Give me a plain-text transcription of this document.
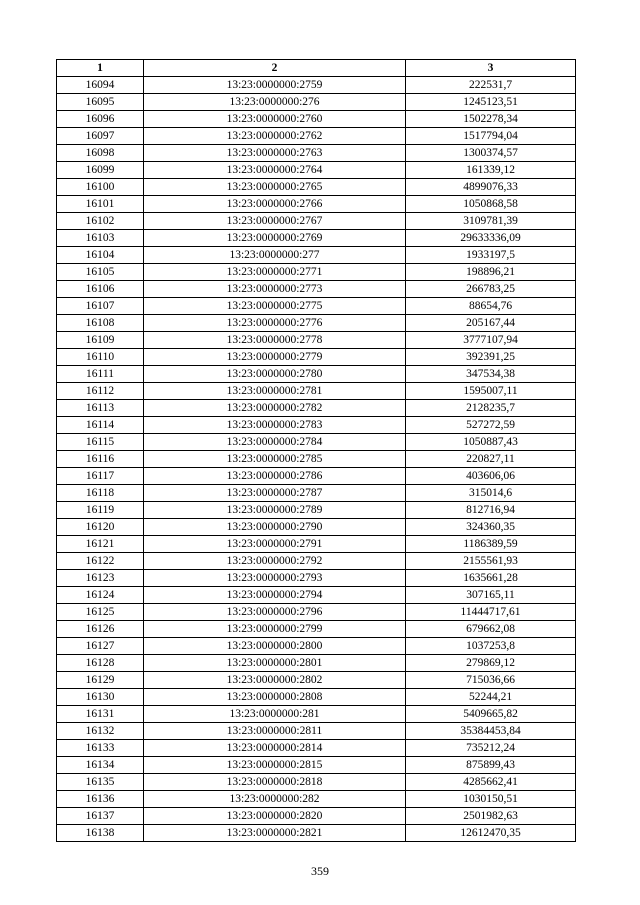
1	2	3
16094	13:23:0000000:2759	222531,7
16095	13:23:0000000:276	1245123,51
16096	13:23:0000000:2760	1502278,34
16097	13:23:0000000:2762	1517794,04
16098	13:23:0000000:2763	1300374,57
16099	13:23:0000000:2764	161339,12
16100	13:23:0000000:2765	4899076,33
16101	13:23:0000000:2766	1050868,58
16102	13:23:0000000:2767	3109781,39
16103	13:23:0000000:2769	29633336,09
16104	13:23:0000000:277	1933197,5
16105	13:23:0000000:2771	198896,21
16106	13:23:0000000:2773	266783,25
16107	13:23:0000000:2775	88654,76
16108	13:23:0000000:2776	205167,44
16109	13:23:0000000:2778	3777107,94
16110	13:23:0000000:2779	392391,25
16111	13:23:0000000:2780	347534,38
16112	13:23:0000000:2781	1595007,11
16113	13:23:0000000:2782	2128235,7
16114	13:23:0000000:2783	527272,59
16115	13:23:0000000:2784	1050887,43
16116	13:23:0000000:2785	220827,11
16117	13:23:0000000:2786	403606,06
16118	13:23:0000000:2787	315014,6
16119	13:23:0000000:2789	812716,94
16120	13:23:0000000:2790	324360,35
16121	13:23:0000000:2791	1186389,59
16122	13:23:0000000:2792	2155561,93
16123	13:23:0000000:2793	1635661,28
16124	13:23:0000000:2794	307165,11
16125	13:23:0000000:2796	11444717,61
16126	13:23:0000000:2799	679662,08
16127	13:23:0000000:2800	1037253,8
16128	13:23:0000000:2801	279869,12
16129	13:23:0000000:2802	715036,66
16130	13:23:0000000:2808	52244,21
16131	13:23:0000000:281	5409665,82
16132	13:23:0000000:2811	35384453,84
16133	13:23:0000000:2814	735212,24
16134	13:23:0000000:2815	875899,43
16135	13:23:0000000:2818	4285662,41
16136	13:23:0000000:282	1030150,51
16137	13:23:0000000:2820	2501982,63
16138	13:23:0000000:2821	12612470,35
359
